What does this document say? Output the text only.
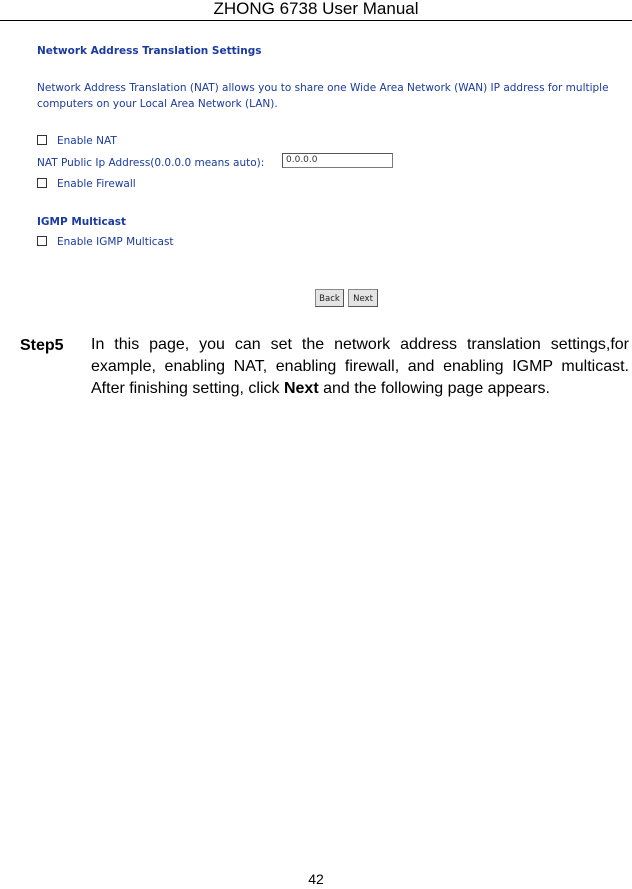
ZHONG 6738 User Manual
Network Address Translation Settings
Network Address Translation (NAT) allows you to share one Wide Area Network (WAN) IP address for multiple computers on your Local Area Network (LAN).
Enable NAT
NAT Public Ip Address(0.0.0.0 means auto):	0.0.0.0
Enable Firewall
IGMP Multicast
Enable IGMP Multicast
Back	Next
Step5 In this page, you can set the network address translation settings,for example, enabling NAT, enabling firewall, and enabling IGMP multicast. After finishing setting, click Next and the following page appears.
42
